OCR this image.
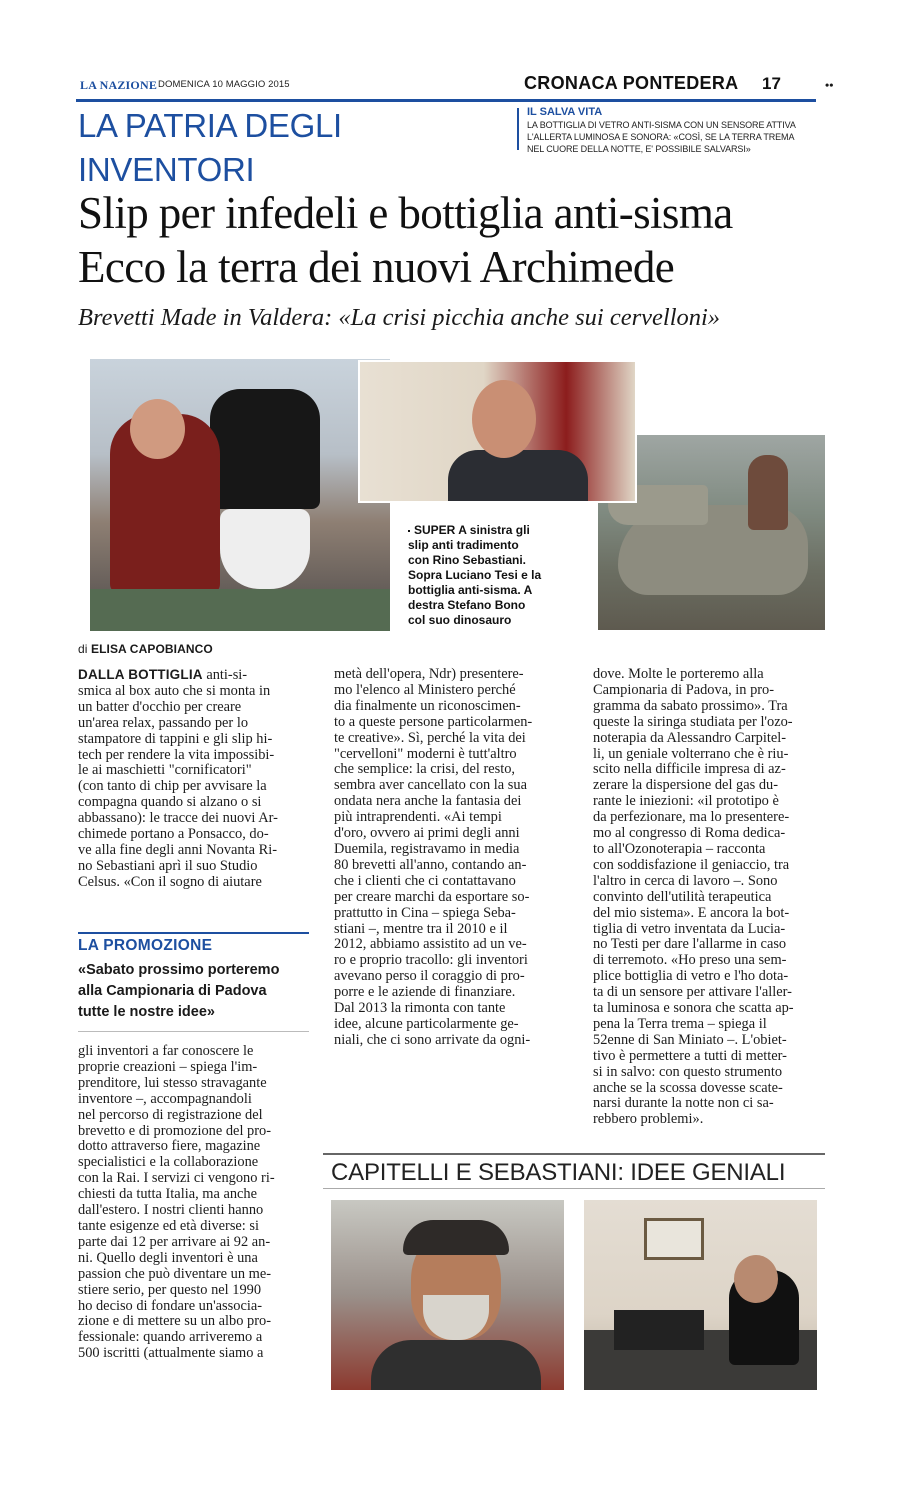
LA NAZIONE DOMENICA 10 MAGGIO 2015	CRONACA PONTEDERA 17	••
LA PATRIA DEGLI INVENTORI
IL SALVA VITA
LA BOTTIGLIA DI VETRO ANTI-SISMA CON UN SENSORE ATTIVA
L'ALLERTA LUMINOSA E SONORA: «COSÌ, SE LA TERRA TREMA
NEL CUORE DELLA NOTTE, E' POSSIBILE SALVARSI»
Slip per infedeli e bottiglia anti-sisma
Ecco la terra dei nuovi Archimede
Brevetti Made in Valdera: «La crisi picchia anche sui cervelloni»
SUPER A sinistra gli
slip anti tradimento
con Rino Sebastiani.
Sopra Luciano Tesi e la
bottiglia anti-sisma. A
destra Stefano Bono
col suo dinosauro
di ELISA CAPOBIANCO
DALLA BOTTIGLIA anti-si-
smica al box auto che si monta in
un batter d'occhio per creare
un'area relax, passando per lo
stampatore di tappini e gli slip hi-
tech per rendere la vita impossibi-
le ai maschietti "cornificatori"
(con tanto di chip per avvisare la
compagna quando si alzano o si
abbassano): le tracce dei nuovi Ar-
chimede portano a Ponsacco, do-
ve alla fine degli anni Novanta Ri-
no Sebastiani aprì il suo Studio
Celsus. «Con il sogno di aiutare
LA PROMOZIONE
«Sabato prossimo porteremo
alla Campionaria di Padova
tutte le nostre idee»
gli inventori a far conoscere le
proprie creazioni – spiega l'im-
prenditore, lui stesso stravagante
inventore –, accompagnandoli
nel percorso di registrazione del
brevetto e di promozione del pro-
dotto attraverso fiere, magazine
specialistici e la collaborazione
con la Rai. I servizi ci vengono ri-
chiesti da tutta Italia, ma anche
dall'estero. I nostri clienti hanno
tante esigenze ed età diverse: si
parte dai 12 per arrivare ai 92 an-
ni. Quello degli inventori è una
passion che può diventare un me-
stiere serio, per questo nel 1990
ho deciso di fondare un'associa-
zione e di mettere su un albo pro-
fessionale: quando arriveremo a
500 iscritti (attualmente siamo a
metà dell'opera, Ndr) presentere-
mo l'elenco al Ministero perché
dia finalmente un riconoscimen-
to a queste persone particolarmen-
te creative». Sì, perché la vita dei
"cervelloni" moderni è tutt'altro
che semplice: la crisi, del resto,
sembra aver cancellato con la sua
ondata nera anche la fantasia dei
più intraprendenti. «Ai tempi
d'oro, ovvero ai primi degli anni
Duemila, registravamo in media
80 brevetti all'anno, contando an-
che i clienti che ci contattavano
per creare marchi da esportare so-
prattutto in Cina – spiega Seba-
stiani –, mentre tra il 2010 e il
2012, abbiamo assistito ad un ve-
ro e proprio tracollo: gli inventori
avevano perso il coraggio di pro-
porre e le aziende di finanziare.
Dal 2013 la rimonta con tante
idee, alcune particolarmente ge-
niali, che ci sono arrivate da ogni-
dove. Molte le porteremo alla
Campionaria di Padova, in pro-
gramma da sabato prossimo». Tra
queste la siringa studiata per l'ozo-
noterapia da Alessandro Carpitel-
li, un geniale volterrano che è riu-
scito nella difficile impresa di az-
zerare la dispersione del gas du-
rante le iniezioni: «il prototipo è
da perfezionare, ma lo presentere-
mo al congresso di Roma dedica-
to all'Ozonoterapia – racconta
con soddisfazione il geniaccio, tra
l'altro in cerca di lavoro –. Sono
convinto dell'utilità terapeutica
del mio sistema». E ancora la bot-
tiglia di vetro inventata da Lucia-
no Testi per dare l'allarme in caso
di terremoto. «Ho preso una sem-
plice bottiglia di vetro e l'ho dota-
ta di un sensore per attivare l'aller-
ta luminosa e sonora che scatta ap-
pena la Terra trema – spiega il
52enne di San Miniato –. L'obiet-
tivo è permettere a tutti di metter-
si in salvo: con questo strumento
anche se la scossa dovesse scate-
narsi durante la notte non ci sa-
rebbero problemi».
CAPITELLI E SEBASTIANI: IDEE GENIALI
